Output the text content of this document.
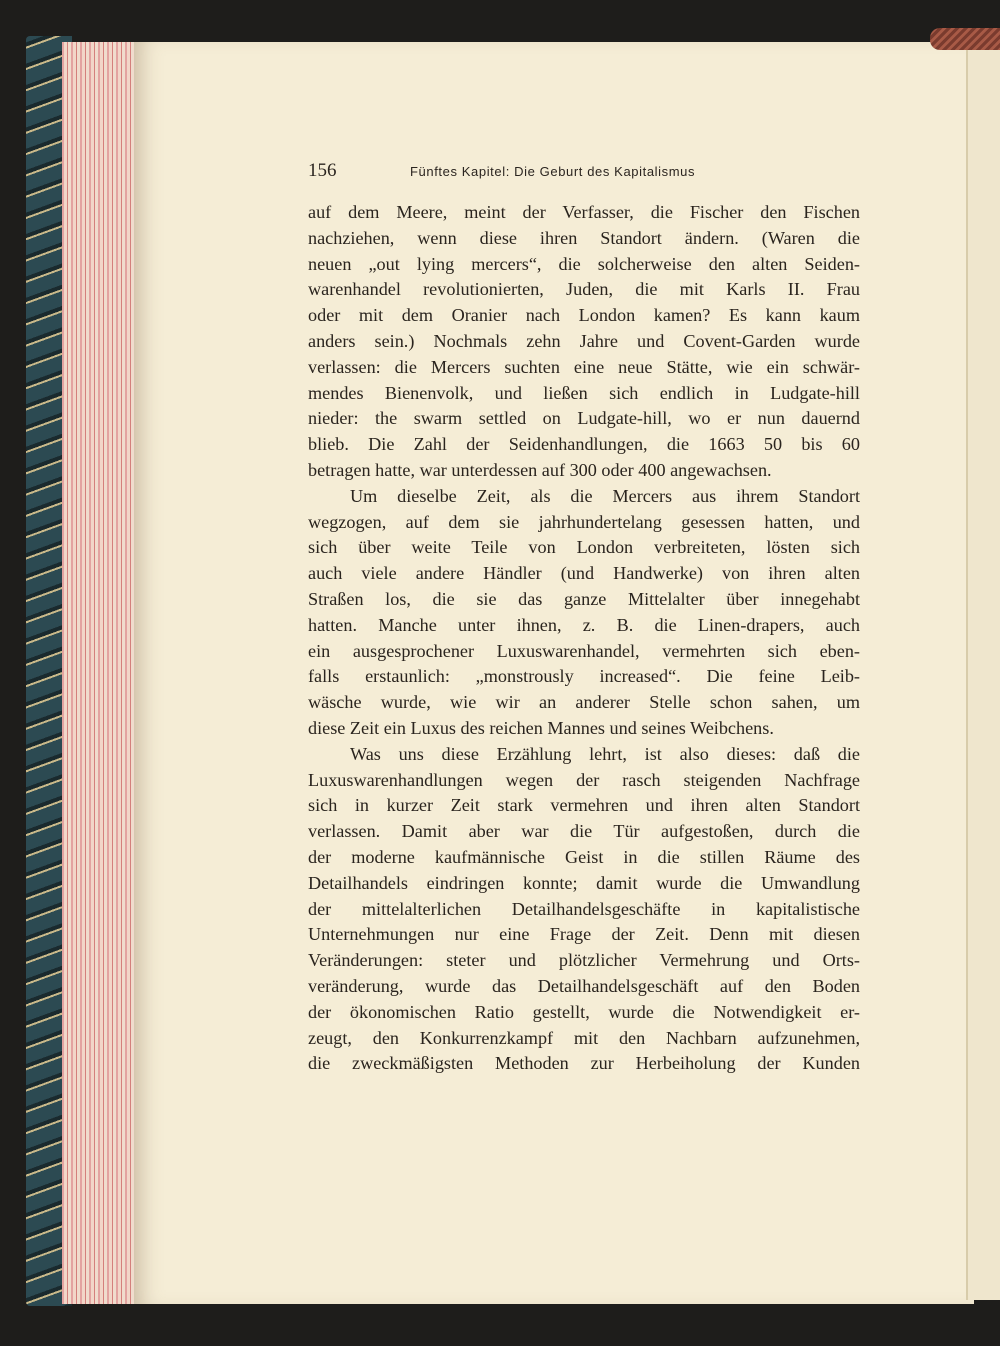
156	Fünftes Kapitel: Die Geburt des Kapitalismus
auf dem Meere, meint der Verfasser, die Fischer den Fischen
nachziehen, wenn diese ihren Standort ändern. (Waren die
neuen „out lying mercers“, die solcherweise den alten Seiden-
warenhandel revolutionierten, Juden, die mit Karls II. Frau
oder mit dem Oranier nach London kamen? Es kann kaum
anders sein.) Nochmals zehn Jahre und Covent-Garden wurde
verlassen: die Mercers suchten eine neue Stätte, wie ein schwär-
mendes Bienenvolk, und ließen sich endlich in Ludgate-hill
nieder: the swarm settled on Ludgate-hill, wo er nun dauernd
blieb. Die Zahl der Seidenhandlungen, die 1663 50 bis 60
betragen hatte, war unterdessen auf 300 oder 400 angewachsen.
Um dieselbe Zeit, als die Mercers aus ihrem Standort
wegzogen, auf dem sie jahrhundertelang gesessen hatten, und
sich über weite Teile von London verbreiteten, lösten sich
auch viele andere Händler (und Handwerke) von ihren alten
Straßen los, die sie das ganze Mittelalter über innegehabt
hatten. Manche unter ihnen, z. B. die Linen-drapers, auch
ein ausgesprochener Luxuswarenhandel, vermehrten sich eben-
falls erstaunlich: „monstrously increased“. Die feine Leib-
wäsche wurde, wie wir an anderer Stelle schon sahen, um
diese Zeit ein Luxus des reichen Mannes und seines Weibchens.
Was uns diese Erzählung lehrt, ist also dieses: daß die
Luxuswarenhandlungen wegen der rasch steigenden Nachfrage
sich in kurzer Zeit stark vermehren und ihren alten Standort
verlassen. Damit aber war die Tür aufgestoßen, durch die
der moderne kaufmännische Geist in die stillen Räume des
Detailhandels eindringen konnte; damit wurde die Umwandlung
der mittelalterlichen Detailhandelsgeschäfte in kapitalistische
Unternehmungen nur eine Frage der Zeit. Denn mit diesen
Veränderungen: steter und plötzlicher Vermehrung und Orts-
veränderung, wurde das Detailhandelsgeschäft auf den Boden
der ökonomischen Ratio gestellt, wurde die Notwendigkeit er-
zeugt, den Konkurrenzkampf mit den Nachbarn aufzunehmen,
die zweckmäßigsten Methoden zur Herbeiholung der Kunden
